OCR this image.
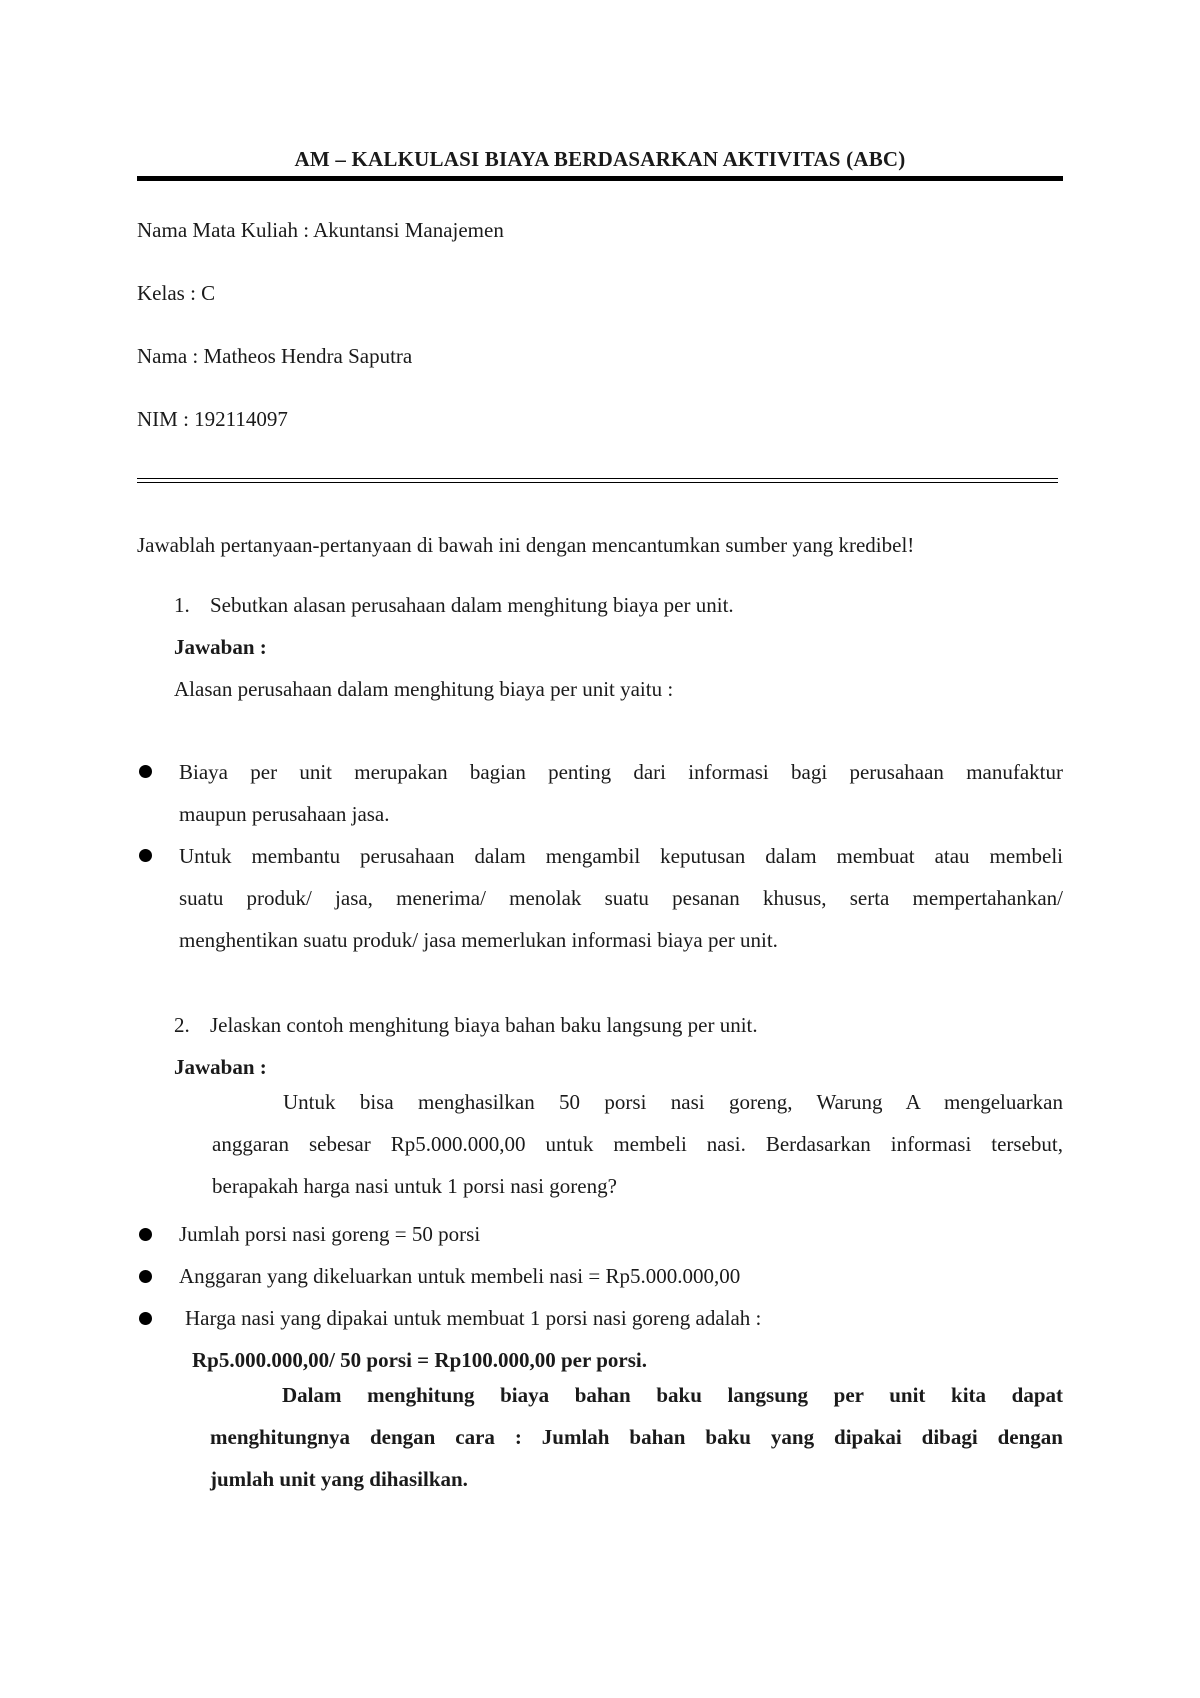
AM – KALKULASI BIAYA BERDASARKAN AKTIVITAS (ABC)
Nama Mata Kuliah : Akuntansi Manajemen
Kelas : C
Nama : Matheos Hendra Saputra
NIM : 192114097
Jawablah pertanyaan-pertanyaan di bawah ini dengan mencantumkan sumber yang kredibel!
1. Sebutkan alasan perusahaan dalam menghitung biaya per unit.
Jawaban :
Alasan perusahaan dalam menghitung biaya per unit yaitu :
Biaya per unit merupakan bagian penting dari informasi bagi perusahaan manufaktur
maupun perusahaan jasa.
Untuk membantu perusahaan dalam mengambil keputusan dalam membuat atau membeli
suatu produk/ jasa, menerima/ menolak suatu pesanan khusus, serta mempertahankan/
menghentikan suatu produk/ jasa memerlukan informasi biaya per unit.
2. Jelaskan contoh menghitung biaya bahan baku langsung per unit.
Jawaban :
Untuk bisa menghasilkan 50 porsi nasi goreng, Warung A mengeluarkan
anggaran sebesar Rp5.000.000,00 untuk membeli nasi. Berdasarkan informasi tersebut,
berapakah harga nasi untuk 1 porsi nasi goreng?
Jumlah porsi nasi goreng = 50 porsi
Anggaran yang dikeluarkan untuk membeli nasi = Rp5.000.000,00
Harga nasi yang dipakai untuk membuat 1 porsi nasi goreng adalah :
Rp5.000.000,00/ 50 porsi = Rp100.000,00 per porsi.
Dalam menghitung biaya bahan baku langsung per unit kita dapat
menghitungnya dengan cara : Jumlah bahan baku yang dipakai dibagi dengan
jumlah unit yang dihasilkan.
